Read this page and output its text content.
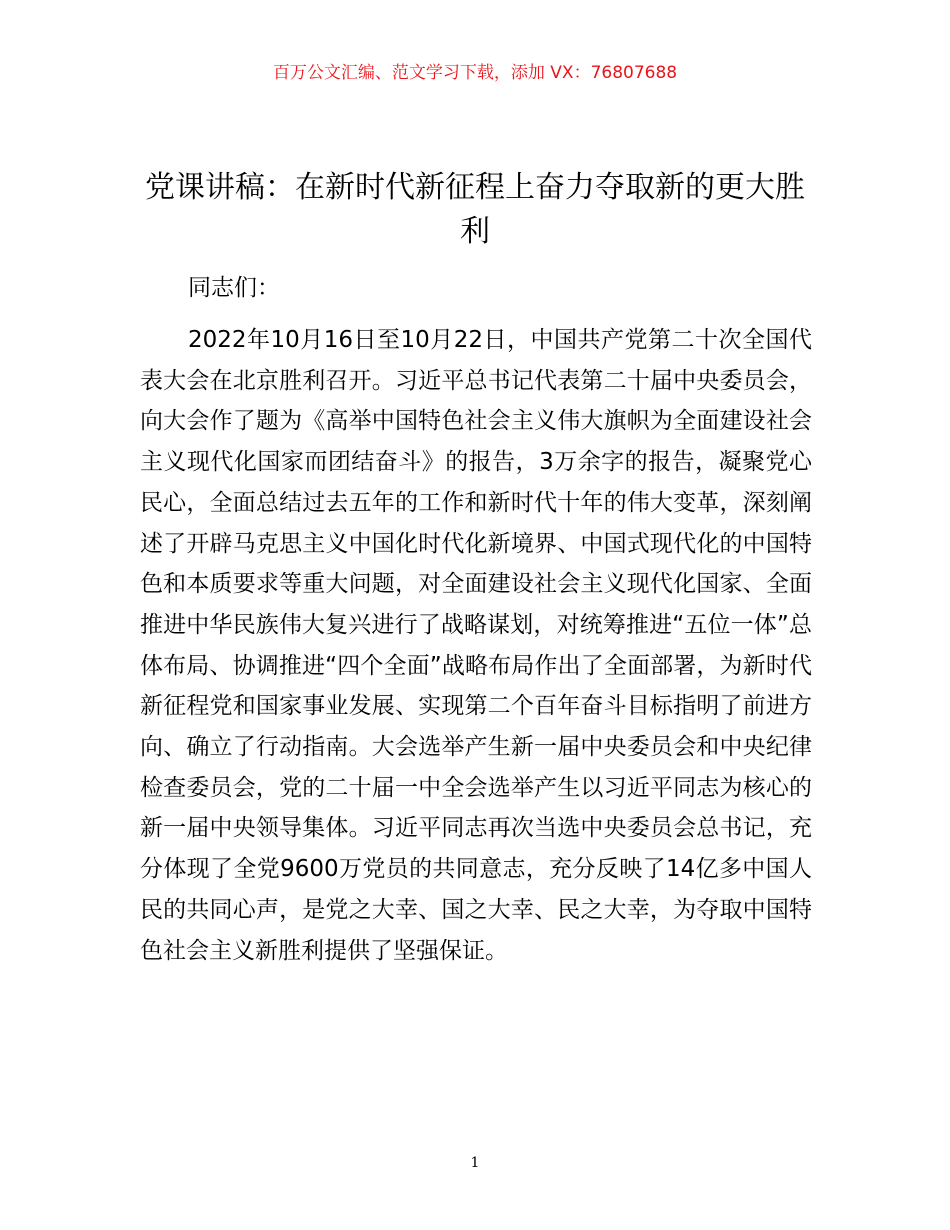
百万公文汇编、范文学习下载，添加 VX：76807688
党课讲稿：在新时代新征程上奋力夺取新的更大胜利
同志们：

2022年10月16日至10月22日，中国共产党第二十次全国代表大会在北京胜利召开。习近平总书记代表第二十届中央委员会，向大会作了题为《高举中国特色社会主义伟大旗帜为全面建设社会主义现代化国家而团结奋斗》的报告，3万余字的报告，凝聚党心民心，全面总结过去五年的工作和新时代十年的伟大变革，深刻阐述了开辟马克思主义中国化时代化新境界、中国式现代化的中国特色和本质要求等重大问题，对全面建设社会主义现代化国家、全面推进中华民族伟大复兴进行了战略谋划，对统筹推进“五位一体”总体布局、协调推进“四个全面”战略布局作出了全面部署，为新时代新征程党和国家事业发展、实现第二个百年奋斗目标指明了前进方向、确立了行动指南。大会选举产生新一届中央委员会和中央纪律检查委员会，党的二十届一中全会选举产生以习近平同志为核心的新一届中央领导集体。习近平同志再次当选中央委员会总书记，充分体现了全党9600万党员的共同意志，充分反映了14亿多中国人民的共同心声，是党之大幸、国之大幸、民之大幸，为夺取中国特色社会主义新胜利提供了坚强保证。

1
